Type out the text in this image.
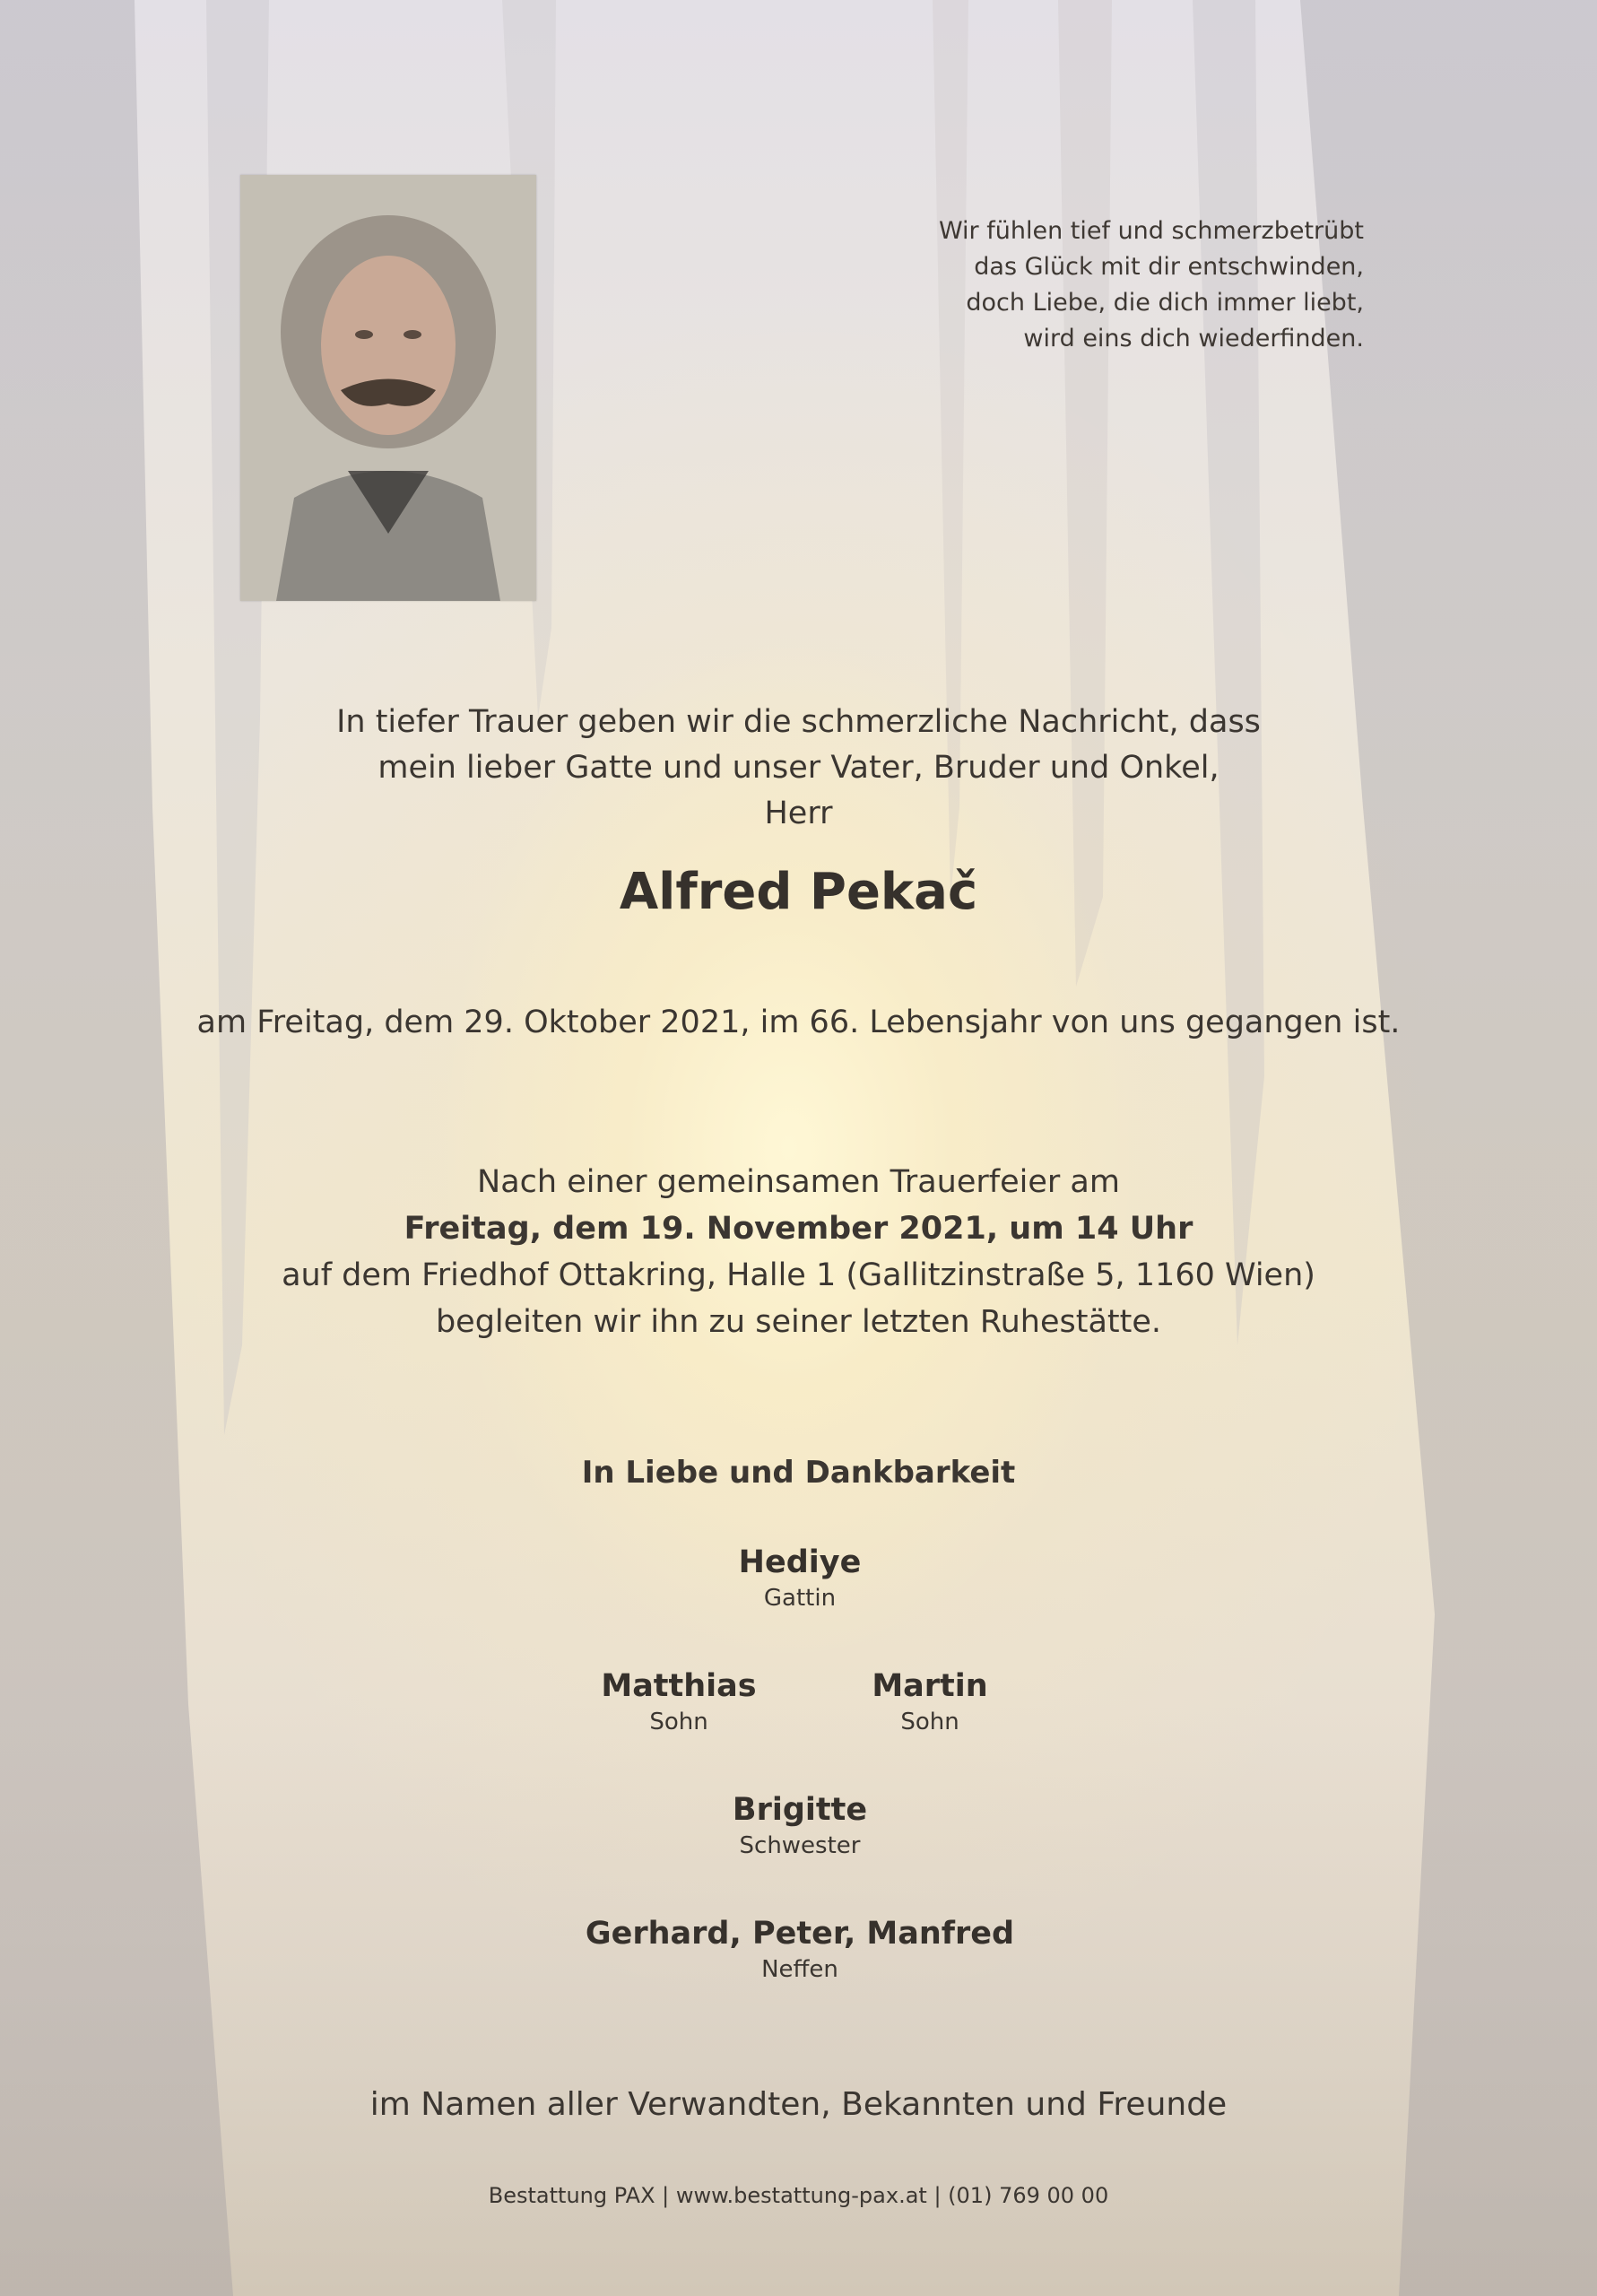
Wir fühlen tief und schmerzbetrübt
das Glück mit dir entschwinden,
doch Liebe, die dich immer liebt,
wird eins dich wiederfinden.
In tiefer Trauer geben wir die schmerzliche Nachricht, dass
mein lieber Gatte und unser Vater, Bruder und Onkel,
Herr
Alfred Pekač
am Freitag, dem 29. Oktober 2021, im 66. Lebensjahr von uns gegangen ist.
Nach einer gemeinsamen Trauerfeier am
Freitag, dem 19. November 2021, um 14 Uhr
auf dem Friedhof Ottakring, Halle 1 (Gallitzinstraße 5, 1160 Wien)
begleiten wir ihn zu seiner letzten Ruhestätte.
In Liebe und Dankbarkeit
Hediye
Gattin
Matthias
Sohn
Martin
Sohn
Brigitte
Schwester
Gerhard, Peter, Manfred
Neffen
im Namen aller Verwandten, Bekannten und Freunde
Bestattung PAX | www.bestattung-pax.at | (01) 769 00 00
